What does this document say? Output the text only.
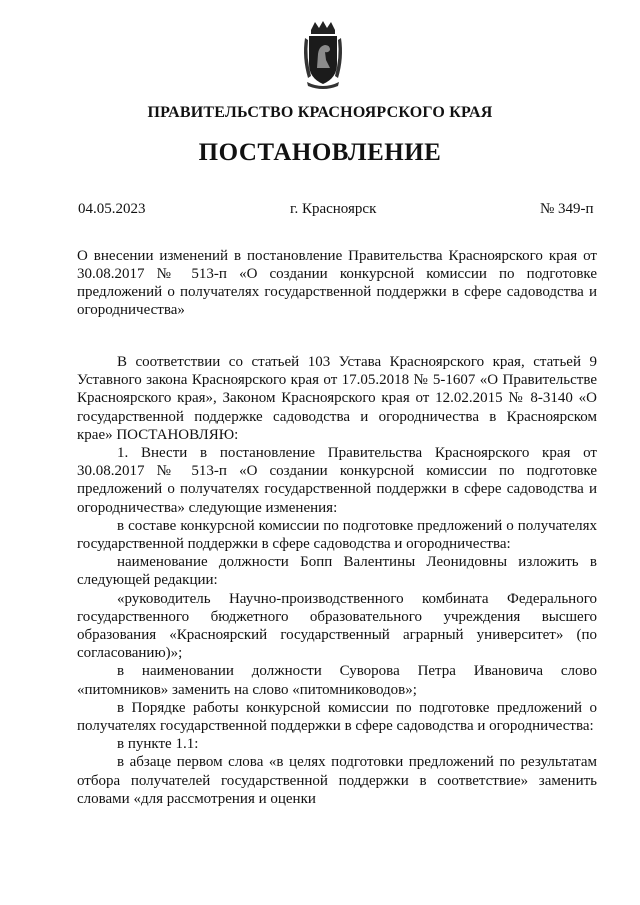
ПРАВИТЕЛЬСТВО КРАСНОЯРСКОГО КРАЯ
ПОСТАНОВЛЕНИЕ
04.05.2023	г. Красноярск	№ 349-п
О внесении изменений в постановление Правительства Красноярского края от 30.08.2017 № 513-п «О создании конкурсной комиссии по подготовке предложений о получателях государственной поддержки в сфере садоводства и огородничества»

В соответствии со статьей 103 Устава Красноярского края, статьей 9 Уставного закона Красноярского края от 17.05.2018 № 5-1607 «О Правительстве Красноярского края», Законом Красноярского края от 12.02.2015 № 8-3140 «О государственной поддержке садоводства и огородничества в Красноярском крае» ПОСТАНОВЛЯЮ:

1. Внести в постановление Правительства Красноярского края от 30.08.2017 № 513-п «О создании конкурсной комиссии по подготовке предложений о получателях государственной поддержки в сфере садоводства и огородничества» следующие изменения:

в составе конкурсной комиссии по подготовке предложений о получателях государственной поддержки в сфере садоводства и огородничества:

наименование должности Бопп Валентины Леонидовны изложить в следующей редакции:

«руководитель Научно-производственного комбината Федерального государственного бюджетного образовательного учреждения высшего образования «Красноярский государственный аграрный университет» (по согласованию)»;

в наименовании должности Суворова Петра Ивановича слово «питомников» заменить на слово «питомниководов»;

в Порядке работы конкурсной комиссии по подготовке предложений о получателях государственной поддержки в сфере садоводства и огородничества:

в пункте 1.1:

в абзаце первом слова «в целях подготовки предложений по результатам отбора получателей государственной поддержки в соответствие» заменить словами «для рассмотрения и оценки
